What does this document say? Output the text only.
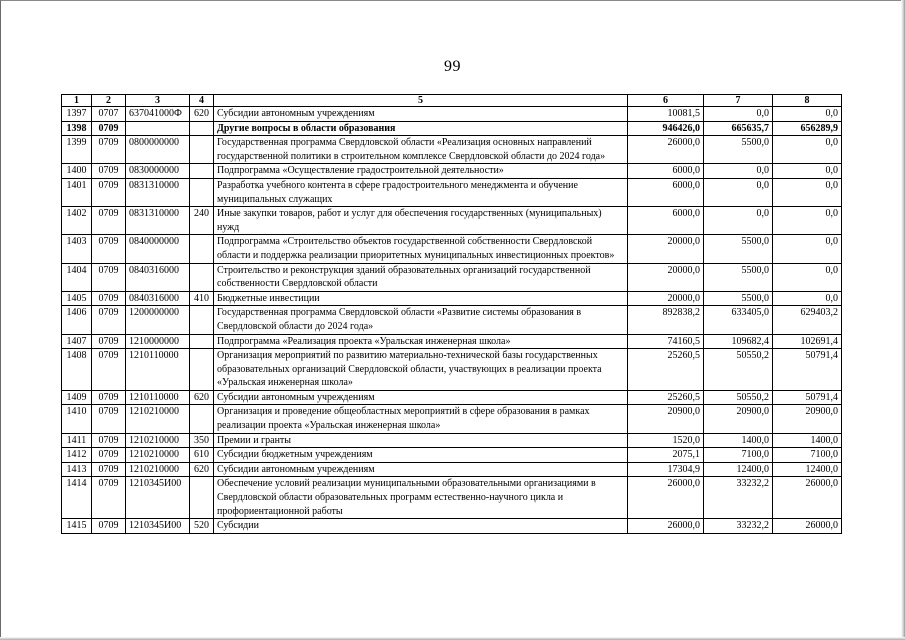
99
1	2	3	4	5	6	7	8
1397	0707	637041000Ф	620	Субсидии автономным учреждениям	10081,5	0,0	0,0
1398	0709			Другие вопросы в области образования	946426,0	665635,7	656289,9
1399	0709	0800000000		Государственная программа Свердловской области «Реализация основных направлений государственной политики в строительном комплексе Свердловской области до 2024 года»	26000,0	5500,0	0,0
1400	0709	0830000000		Подпрограмма «Осуществление градостроительной деятельности»	6000,0	0,0	0,0
1401	0709	0831310000		Разработка учебного контента в сфере градостроительного менеджмента и обучение муниципальных служащих	6000,0	0,0	0,0
1402	0709	0831310000	240	Иные закупки товаров, работ и услуг для обеспечения государственных (муниципальных) нужд	6000,0	0,0	0,0
1403	0709	0840000000		Подпрограмма «Строительство объектов государственной собственности Свердловской области и поддержка реализации приоритетных муниципальных инвестиционных проектов»	20000,0	5500,0	0,0
1404	0709	0840316000		Строительство и реконструкция зданий образовательных организаций государственной собственности Свердловской области	20000,0	5500,0	0,0
1405	0709	0840316000	410	Бюджетные инвестиции	20000,0	5500,0	0,0
1406	0709	1200000000		Государственная программа Свердловской области «Развитие системы образования в Свердловской области до 2024 года»	892838,2	633405,0	629403,2
1407	0709	1210000000		Подпрограмма «Реализация проекта «Уральская инженерная школа»	74160,5	109682,4	102691,4
1408	0709	1210110000		Организация мероприятий по развитию материально-технической базы государственных образовательных организаций Свердловской области, участвующих в реализации проекта «Уральская инженерная школа»	25260,5	50550,2	50791,4
1409	0709	1210110000	620	Субсидии автономным учреждениям	25260,5	50550,2	50791,4
1410	0709	1210210000		Организация и проведение общеобластных мероприятий в сфере образования в рамках реализации проекта «Уральская инженерная школа»	20900,0	20900,0	20900,0
1411	0709	1210210000	350	Премии и гранты	1520,0	1400,0	1400,0
1412	0709	1210210000	610	Субсидии бюджетным учреждениям	2075,1	7100,0	7100,0
1413	0709	1210210000	620	Субсидии автономным учреждениям	17304,9	12400,0	12400,0
1414	0709	1210345И00		Обеспечение условий реализации муниципальными образовательными организациями в Свердловской области образовательных программ естественно-научного цикла и профориентационной работы	26000,0	33232,2	26000,0
1415	0709	1210345И00	520	Субсидии	26000,0	33232,2	26000,0
